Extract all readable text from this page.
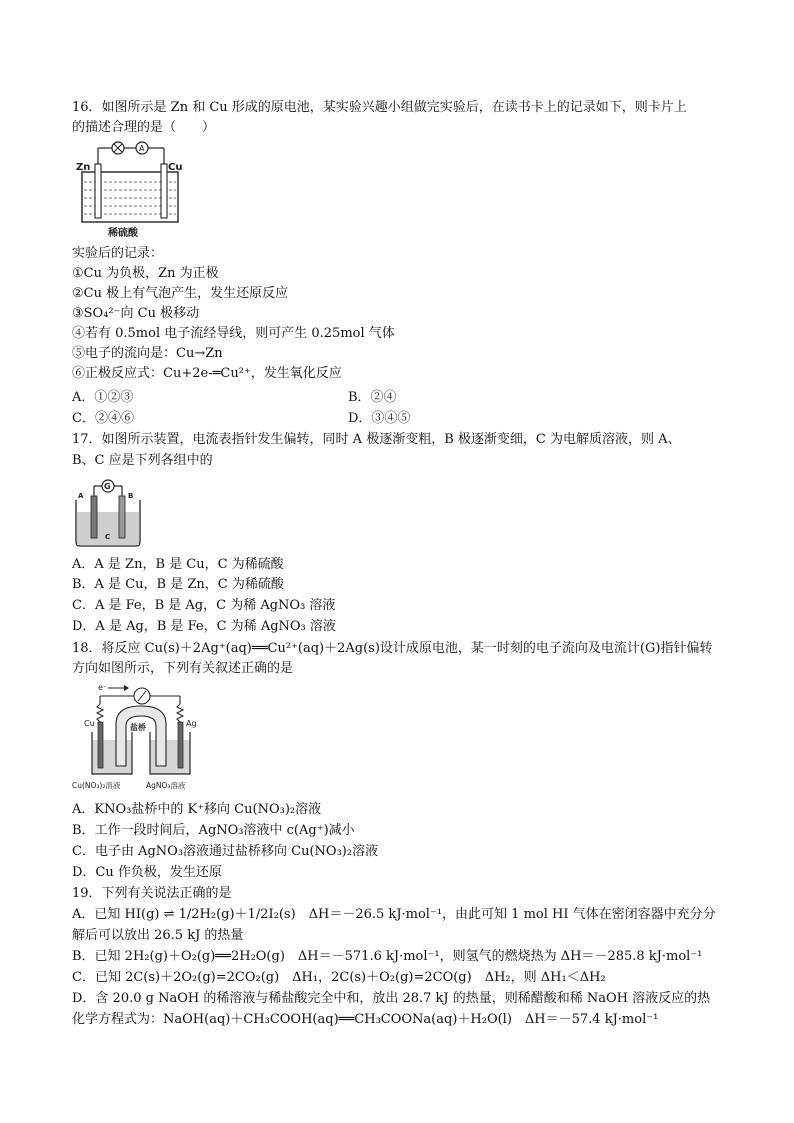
16．如图所示是 Zn 和 Cu 形成的原电池，某实验兴趣小组做完实验后，在读书卡上的记录如下，则卡片上
的描述合理的是（　　）
A
Zn	Cu
稀硫酸
实验后的记录：
①Cu 为负极，Zn 为正极
②Cu 极上有气泡产生，发生还原反应
③SO₄²⁻向 Cu 极移动
④若有 0.5mol 电子流经导线，则可产生 0.25mol 气体
⑤电子的流向是：Cu→Zn
⑥正极反应式：Cu+2e-═Cu²⁺，发生氧化反应
A．①②③	B．②④
C．②④⑥	D．③④⑤
17．如图所示装置，电流表指针发生偏转，同时 A 极逐渐变粗，B 极逐渐变细，C 为电解质溶液，则 A、
B、C 应是下列各组中的
G
A	B
C
A．A 是 Zn，B 是 Cu，C 为稀硫酸
B．A 是 Cu，B 是 Zn，C 为稀硫酸
C．A 是 Fe，B 是 Ag，C 为稀 AgNO₃ 溶液
D．A 是 Ag，B 是 Fe，C 为稀 AgNO₃ 溶液
18．将反应 Cu(s)＋2Ag⁺(aq)══Cu²⁺(aq)＋2Ag(s)设计成原电池，某一时刻的电子流向及电流计(G)指针偏转
方向如图所示，下列有关叙述正确的是
e⁻
Cu	Ag
盐桥
Cu(NO₃)₂溶液	AgNO₃溶液
A．KNO₃盐桥中的 K⁺移向 Cu(NO₃)₂溶液
B．工作一段时间后，AgNO₃溶液中 c(Ag⁺)减小
C．电子由 AgNO₃溶液通过盐桥移向 Cu(NO₃)₂溶液
D．Cu 作负极，发生还原
19．下列有关说法正确的是
A．已知 HI(g) ⇌ 1/2H₂(g)＋1/2I₂(s)　ΔH＝－26.5 kJ·mol⁻¹，由此可知 1 mol HI 气体在密闭容器中充分分
解后可以放出 26.5 kJ 的热量
B．已知 2H₂(g)＋O₂(g)══2H₂O(g)　ΔH＝－571.6 kJ·mol⁻¹，则氢气的燃烧热为 ΔH＝－285.8 kJ·mol⁻¹
C．已知 2C(s)＋2O₂(g)=2CO₂(g)　ΔH₁，2C(s)＋O₂(g)=2CO(g)　ΔH₂，则 ΔH₁＜ΔH₂
D．含 20.0 g NaOH 的稀溶液与稀盐酸完全中和，放出 28.7 kJ 的热量，则稀醋酸和稀 NaOH 溶液反应的热
化学方程式为：NaOH(aq)＋CH₃COOH(aq)══CH₃COONa(aq)＋H₂O(l)　ΔH＝－57.4 kJ·mol⁻¹
